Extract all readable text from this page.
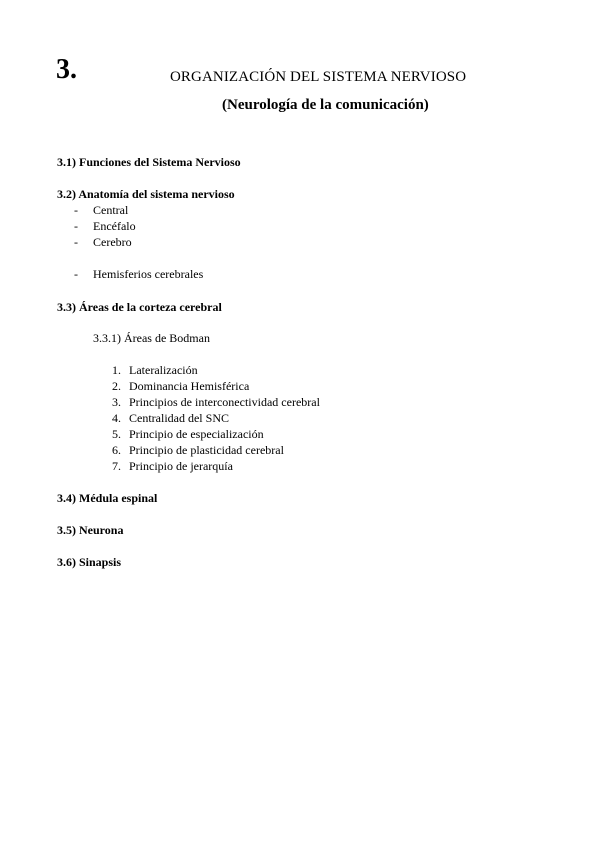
3.	ORGANIZACIÓN DEL SISTEMA NERVIOSO
(Neurología de la comunicación)
3.1) Funciones del Sistema Nervioso
3.2) Anatomía del sistema nervioso
- Central
- Encéfalo
- Cerebro
- Hemisferios cerebrales
3.3) Áreas de la corteza cerebral
3.3.1) Áreas de Bodman
1. Lateralización
2. Dominancia Hemisférica
3. Principios de interconectividad cerebral
4. Centralidad del SNC
5. Principio de especialización
6. Principio de plasticidad cerebral
7. Principio de jerarquía
3.4) Médula espinal
3.5) Neurona
3.6) Sinapsis
